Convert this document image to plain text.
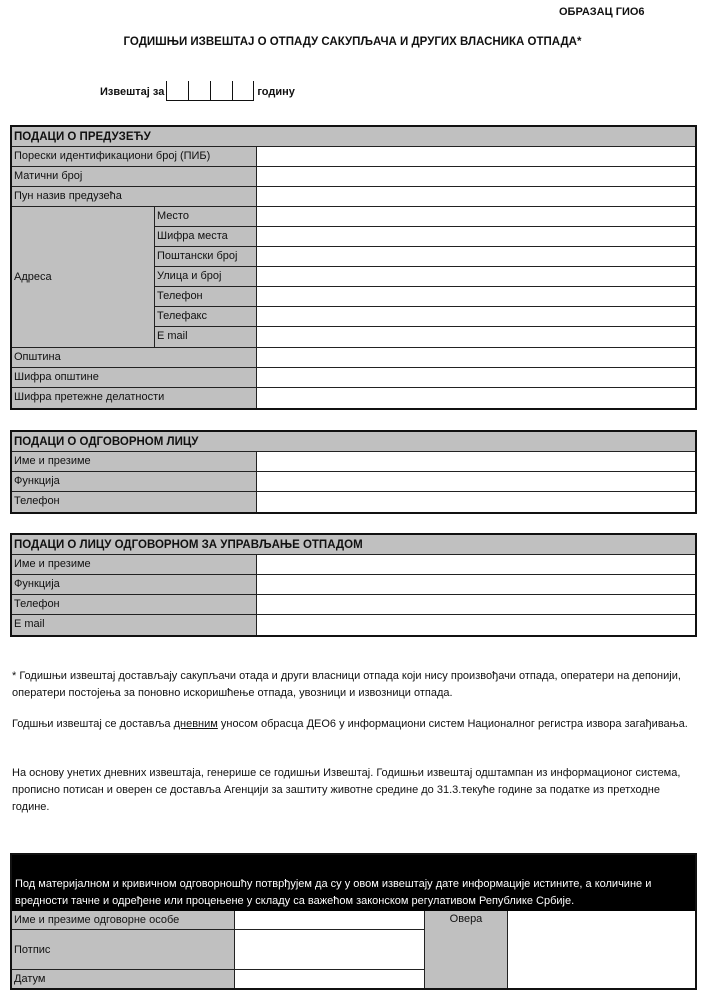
ОБРАЗАЦ ГИО6
ГОДИШЊИ ИЗВЕШТАЈ О ОТПАДУ САКУПЉАЧА И ДРУГИХ ВЛАСНИКА ОТПАДА*
Извештај за	годину
ПОДАЦИ О ПРЕДУЗЕЋУ
Порески идентификациони број (ПИБ)
Матични број
Пун назив предузећа
Адреса
Место
Шифра места
Поштански број
Улица и број
Телефон
Телефакс
E mail
Општина
Шифра општине
Шифра претежне делатности
ПОДАЦИ О ОДГОВОРНОМ ЛИЦУ
Име и презиме
Функција
Телефон
ПОДАЦИ О ЛИЦУ ОДГОВОРНОМ ЗА УПРАВЉАЊЕ ОТПАДОМ
Име и презиме
Функција
Телефон
E mail
* Годишњи извештај достављају сакупљачи отада и други власници отпада који нису произвођачи отпада, оператери на депонији, оператери постојења за поновно искоришћење отпада, увозници и извозници отпада.
Годшњи извештај се доставља дневним уносом обрасца ДЕО6 у информациони систем Националног регистра извора загађивања.
На основу унетих дневних извештаја, генерише се годишњи Извештај. Годишњи извештај одштампан из информационог система, прописно потисан и оверен се доставља Агенцији за заштиту животне средине до 31.3.текуће године за податке из претходне године.
Под материјалном и кривичном одговорношћу потврђујем да су у овом извештају дате информације истините, а количине и вредности тачне и одређене или процењене у складу са важећом законском регулативом Републике Србије.
Име и презиме одговорне особе
Потпис
Датум
Овера
